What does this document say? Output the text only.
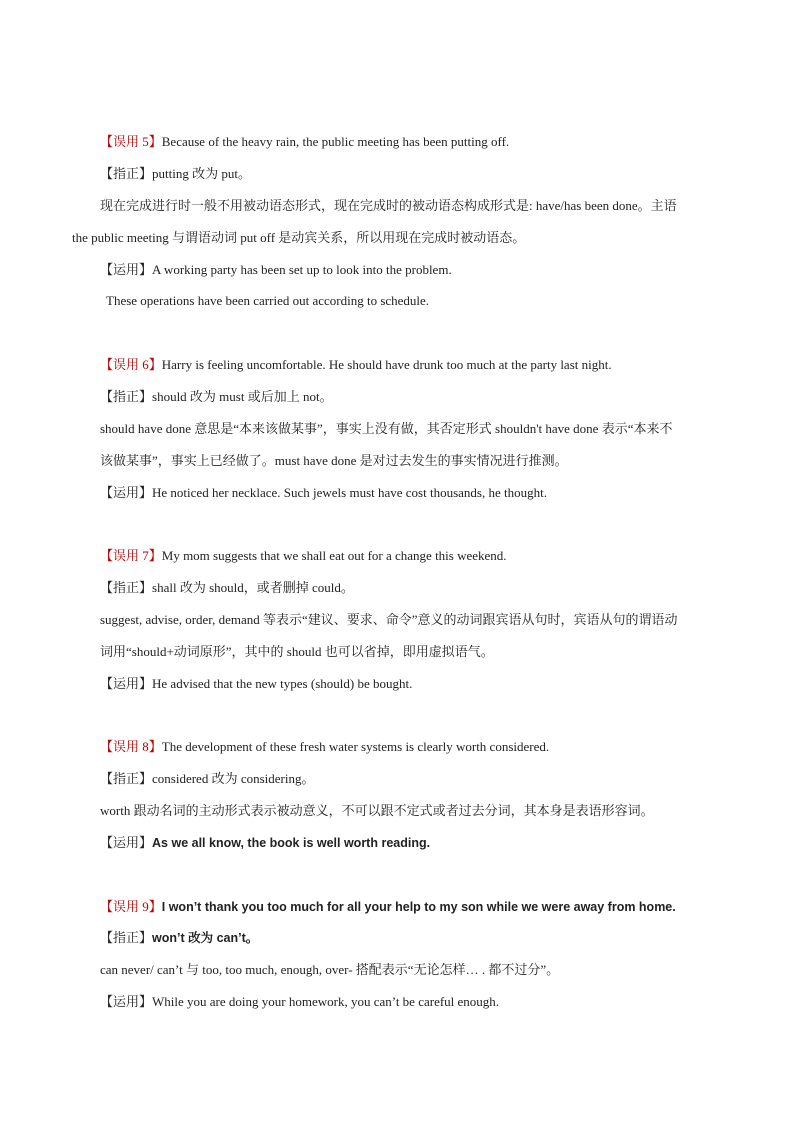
【误用 5】Because of the heavy rain, the public meeting has been putting off.
【指正】putting 改为 put。
现在完成进行时一般不用被动语态形式，现在完成时的被动语态构成形式是: have/has been done。主语
the public meeting 与谓语动词 put off 是动宾关系，所以用现在完成时被动语态。
【运用】A working party has been set up to look into the problem.
These operations have been carried out according to schedule.
【误用 6】Harry is feeling uncomfortable. He should have drunk too much at the party last night.
【指正】should 改为 must 或后加上 not。
should have done 意思是“本来该做某事”，事实上没有做，其否定形式 shouldn't have done 表示“本来不
该做某事”，事实上已经做了。must have done 是对过去发生的事实情况进行推测。
【运用】He noticed her necklace. Such jewels must have cost thousands, he thought.
【误用 7】My mom suggests that we shall eat out for a change this weekend.
【指正】shall 改为 should，或者删掉 could。
suggest, advise, order, demand 等表示“建议、要求、命令”意义的动词跟宾语从句时，宾语从句的谓语动
词用“should+动词原形”，其中的 should 也可以省掉，即用虚拟语气。
【运用】He advised that the new types (should) be bought.
【误用 8】The development of these fresh water systems is clearly worth considered.
【指正】considered 改为 considering。
worth 跟动名词的主动形式表示被动意义，不可以跟不定式或者过去分词，其本身是表语形容词。
【运用】As we all know, the book is well worth reading.
【误用 9】I won’t thank you too much for all your help to my son while we were away from home.
【指正】won’t 改为 can’t。
can never/ can’t 与 too, too much, enough, over- 搭配表示“无论怎样… . 都不过分”。
【运用】While you are doing your homework, you can’t be careful enough.
